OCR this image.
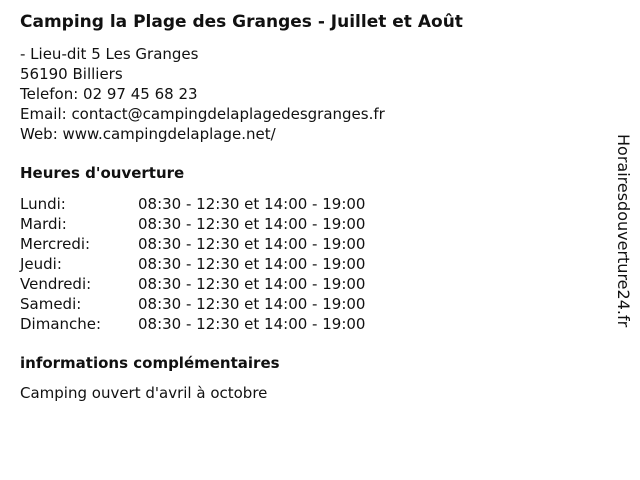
Camping la Plage des Granges - Juillet et Août
- Lieu-dit 5 Les Granges
56190 Billiers
Telefon: 02 97 45 68 23
Email: contact@campingdelaplagedesgranges.fr
Web: www.campingdelaplage.net/
Heures d'ouverture
Lundi:	08:30 - 12:30 et 14:00 - 19:00
Mardi:	08:30 - 12:30 et 14:00 - 19:00
Mercredi:	08:30 - 12:30 et 14:00 - 19:00
Jeudi:	08:30 - 12:30 et 14:00 - 19:00
Vendredi:	08:30 - 12:30 et 14:00 - 19:00
Samedi:	08:30 - 12:30 et 14:00 - 19:00
Dimanche:	08:30 - 12:30 et 14:00 - 19:00
informations complémentaires
Camping ouvert d'avril à octobre
Horairesdouverture24.fr
